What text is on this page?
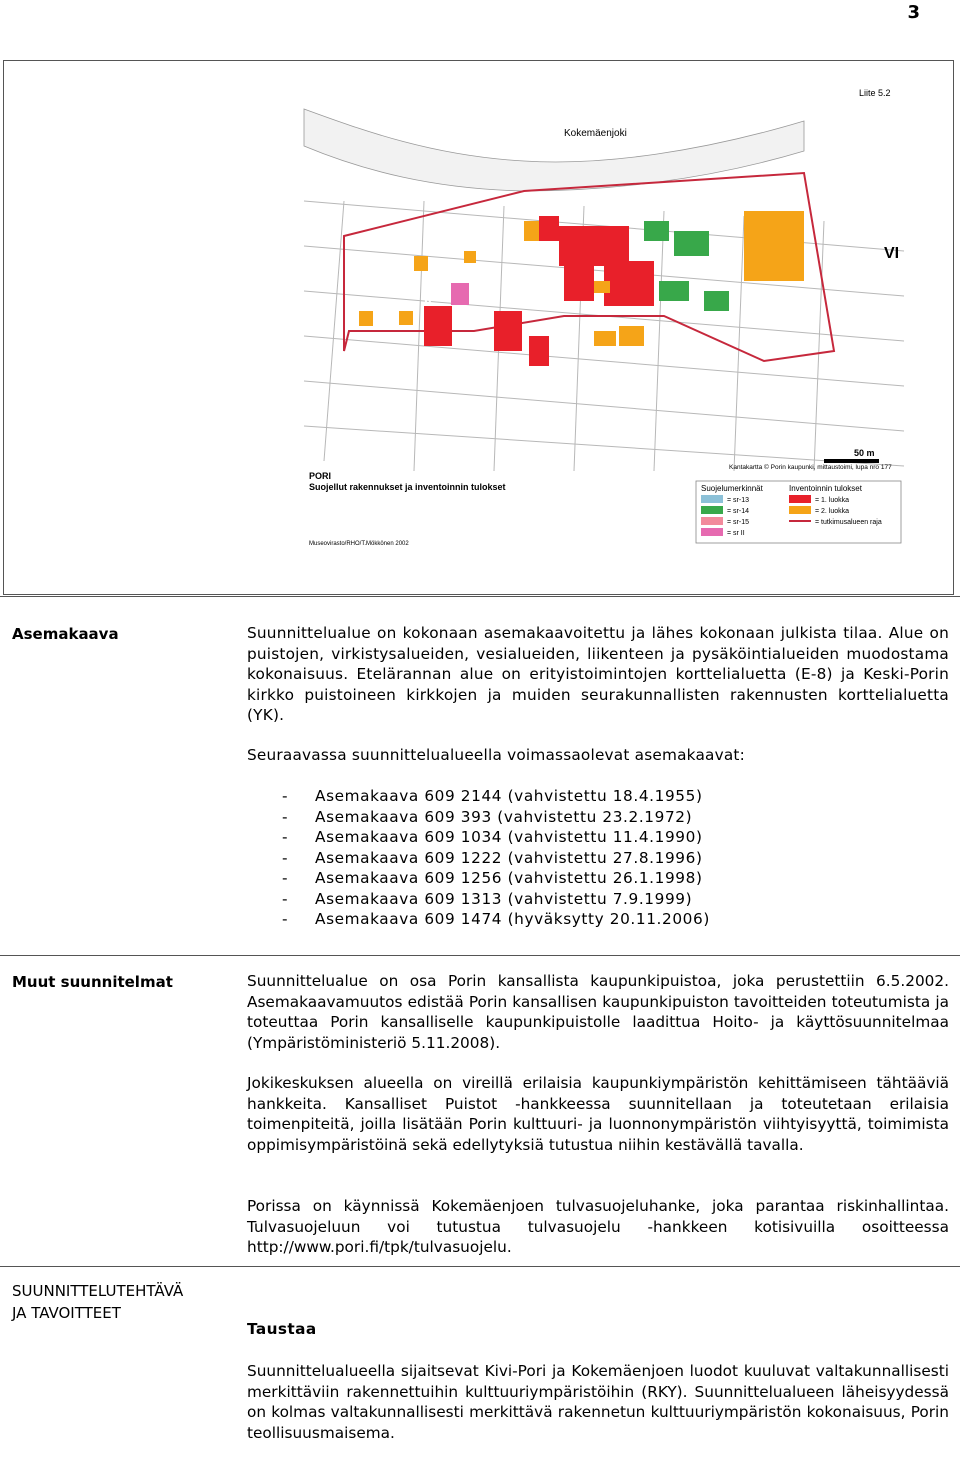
3
Liite 5.2
Kokemäenjoki
VI
II
PORI
Suojellut rakennukset ja inventoinnin tulokset
Museovirasto/RHO/T.Mökkönen 2002
Kantakartta © Porin kaupunki, mittaustoimi, lupa nro 177
50 m
Suojelumerkinnät	Inventoinnin tulokset
= sr-13
= sr-14
= sr-15
= sr II
= 1. luokka
= 2. luokka
= tutkimusalueen raja
Asemakaava	Suunnittelualue on kokonaan asemakaavoitettu ja lähes kokonaan julkista tilaa. Alue on puistojen, virkistysalueiden, vesialueiden, liikenteen ja pysäköintialueiden muodostama kokonaisuus. Etelärannan alue on erityistoimintojen korttelialuetta (E-8) ja Keski-Porin kirkko puistoineen kirkkojen ja muiden seurakunnallisten rakennusten korttelialuetta (YK).

Seuraavassa suunnittelualueella voimassaolevat asemakaavat:

- Asemakaava 609 2144 (vahvistettu 18.4.1955)
- Asemakaava 609 393 (vahvistettu 23.2.1972)
- Asemakaava 609 1034 (vahvistettu 11.4.1990)
- Asemakaava 609 1222 (vahvistettu 27.8.1996)
- Asemakaava 609 1256 (vahvistettu 26.1.1998)
- Asemakaava 609 1313 (vahvistettu 7.9.1999)
- Asemakaava 609 1474 (hyväksytty 20.11.2006)
Muut suunnitelmat	Suunnittelualue on osa Porin kansallista kaupunkipuistoa, joka perustettiin 6.5.2002. Asemakaavamuutos edistää Porin kansallisen kaupunkipuiston tavoitteiden toteutumista ja toteuttaa Porin kansalliselle kaupunkipuistolle laadittua Hoito- ja käyttösuunnitelmaa (Ympäristöministeriö 5.11.2008).

Jokikeskuksen alueella on vireillä erilaisia kaupunkiympäristön kehittämiseen tähtääviä hankkeita. Kansalliset Puistot -hankkeessa suunnitellaan ja toteutetaan erilaisia toimenpiteitä, joilla lisätään Porin kulttuuri- ja luonnonympäristön viihtyisyyttä, toimimista oppimisympäristöinä sekä edellytyksiä tutustua niihin kestävällä tavalla.

Porissa on käynnissä Kokemäenjoen tulvasuojeluhanke, joka parantaa riskinhallintaa. Tulvasuojeluun voi tutustua tulvasuojelu -hankkeen kotisivuilla osoitteessa http://www.pori.fi/tpk/tulvasuojelu.

SUUNNITTELUTEHTÄVÄ
JA TAVOITTEET
Taustaa

Suunnittelualueella sijaitsevat Kivi-Pori ja Kokemäenjoen luodot kuuluvat valtakunnallisesti merkittäviin rakennettuihin kulttuuriympäristöihin (RKY). Suunnittelualueen läheisyydessä on kolmas valtakunnallisesti merkittävä rakennetun kulttuuriympäristön kokonaisuus, Porin teollisuusmaisema.
